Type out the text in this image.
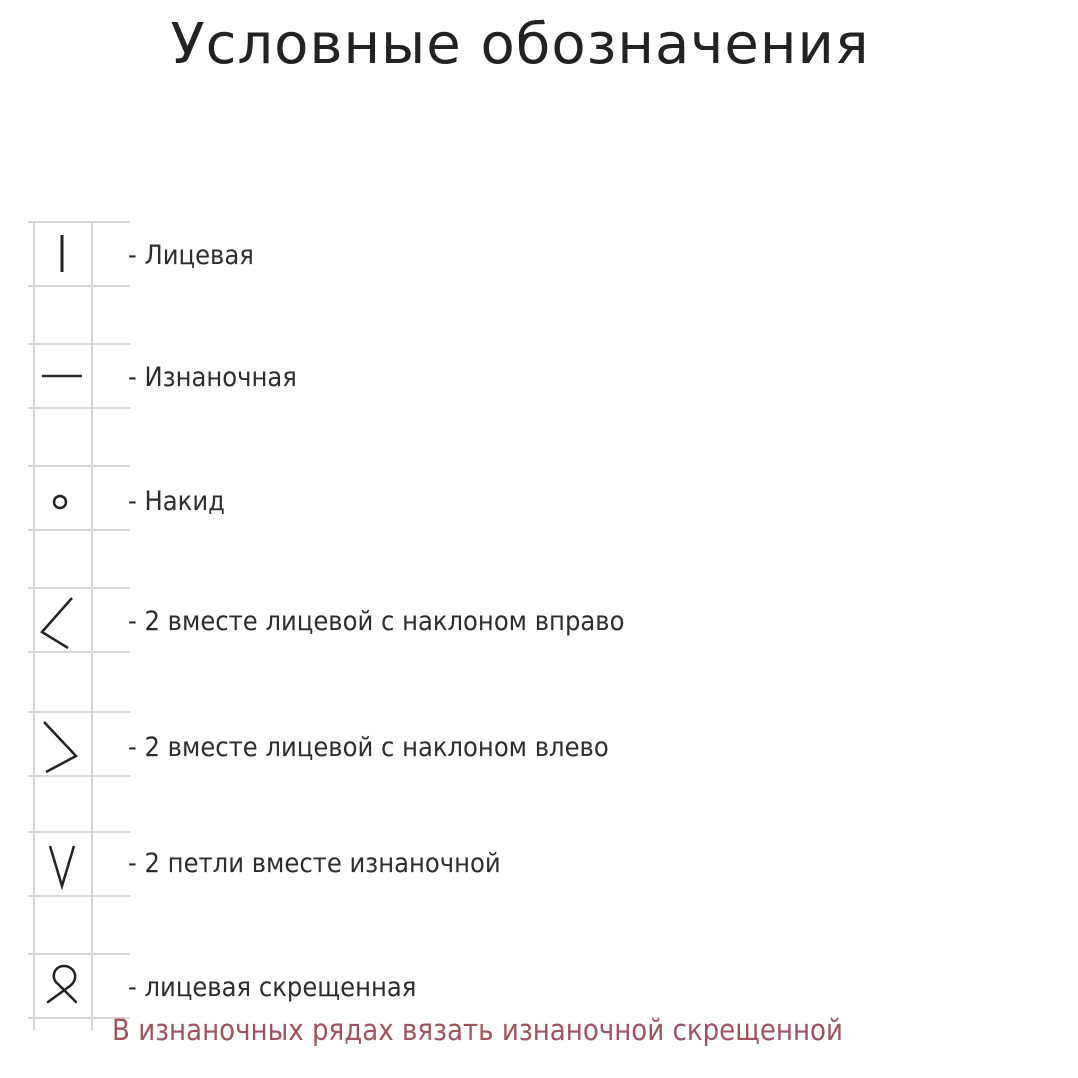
Условные обозначения
- Лицевая
- Изнаночная
- Накид
- 2 вместе лицевой с наклоном вправо
- 2 вместе лицевой с наклоном влево
- 2 петли вместе изнаночной
- лицевая скрещенная
В изнаночных рядах вязать изнаночной скрещенной
